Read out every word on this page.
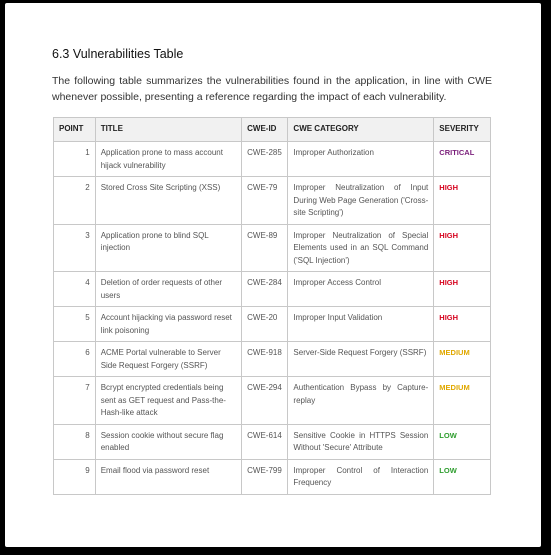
6.3 Vulnerabilities Table

The following table summarizes the vulnerabilities found in the application, in line with CWE whenever possible, presenting a reference regarding the impact of each vulnerability.

POINT	TITLE	CWE-ID	CWE CATEGORY	SEVERITY
1	Application prone to mass account hijack vulnerability	CWE-285	Improper Authorization	CRITICAL
2	Stored Cross Site Scripting (XSS)	CWE-79	Improper Neutralization of Input During Web Page Generation ('Cross-site Scripting')	HIGH
3	Application prone to blind SQL injection	CWE-89	Improper Neutralization of Special Elements used in an SQL Command ('SQL Injection')	HIGH
4	Deletion of order requests of other users	CWE-284	Improper Access Control	HIGH
5	Account hijacking via password reset link poisoning	CWE-20	Improper Input Validation	HIGH
6	ACME Portal vulnerable to Server Side Request Forgery (SSRF)	CWE-918	Server-Side Request Forgery (SSRF)	MEDIUM
7	Bcrypt encrypted credentials being sent as GET request and Pass-the-Hash-like attack	CWE-294	Authentication Bypass by Capture-replay	MEDIUM
8	Session cookie without secure flag enabled	CWE-614	Sensitive Cookie in HTTPS Session Without 'Secure' Attribute	LOW
9	Email flood via password reset	CWE-799	Improper Control of Interaction Frequency	LOW
